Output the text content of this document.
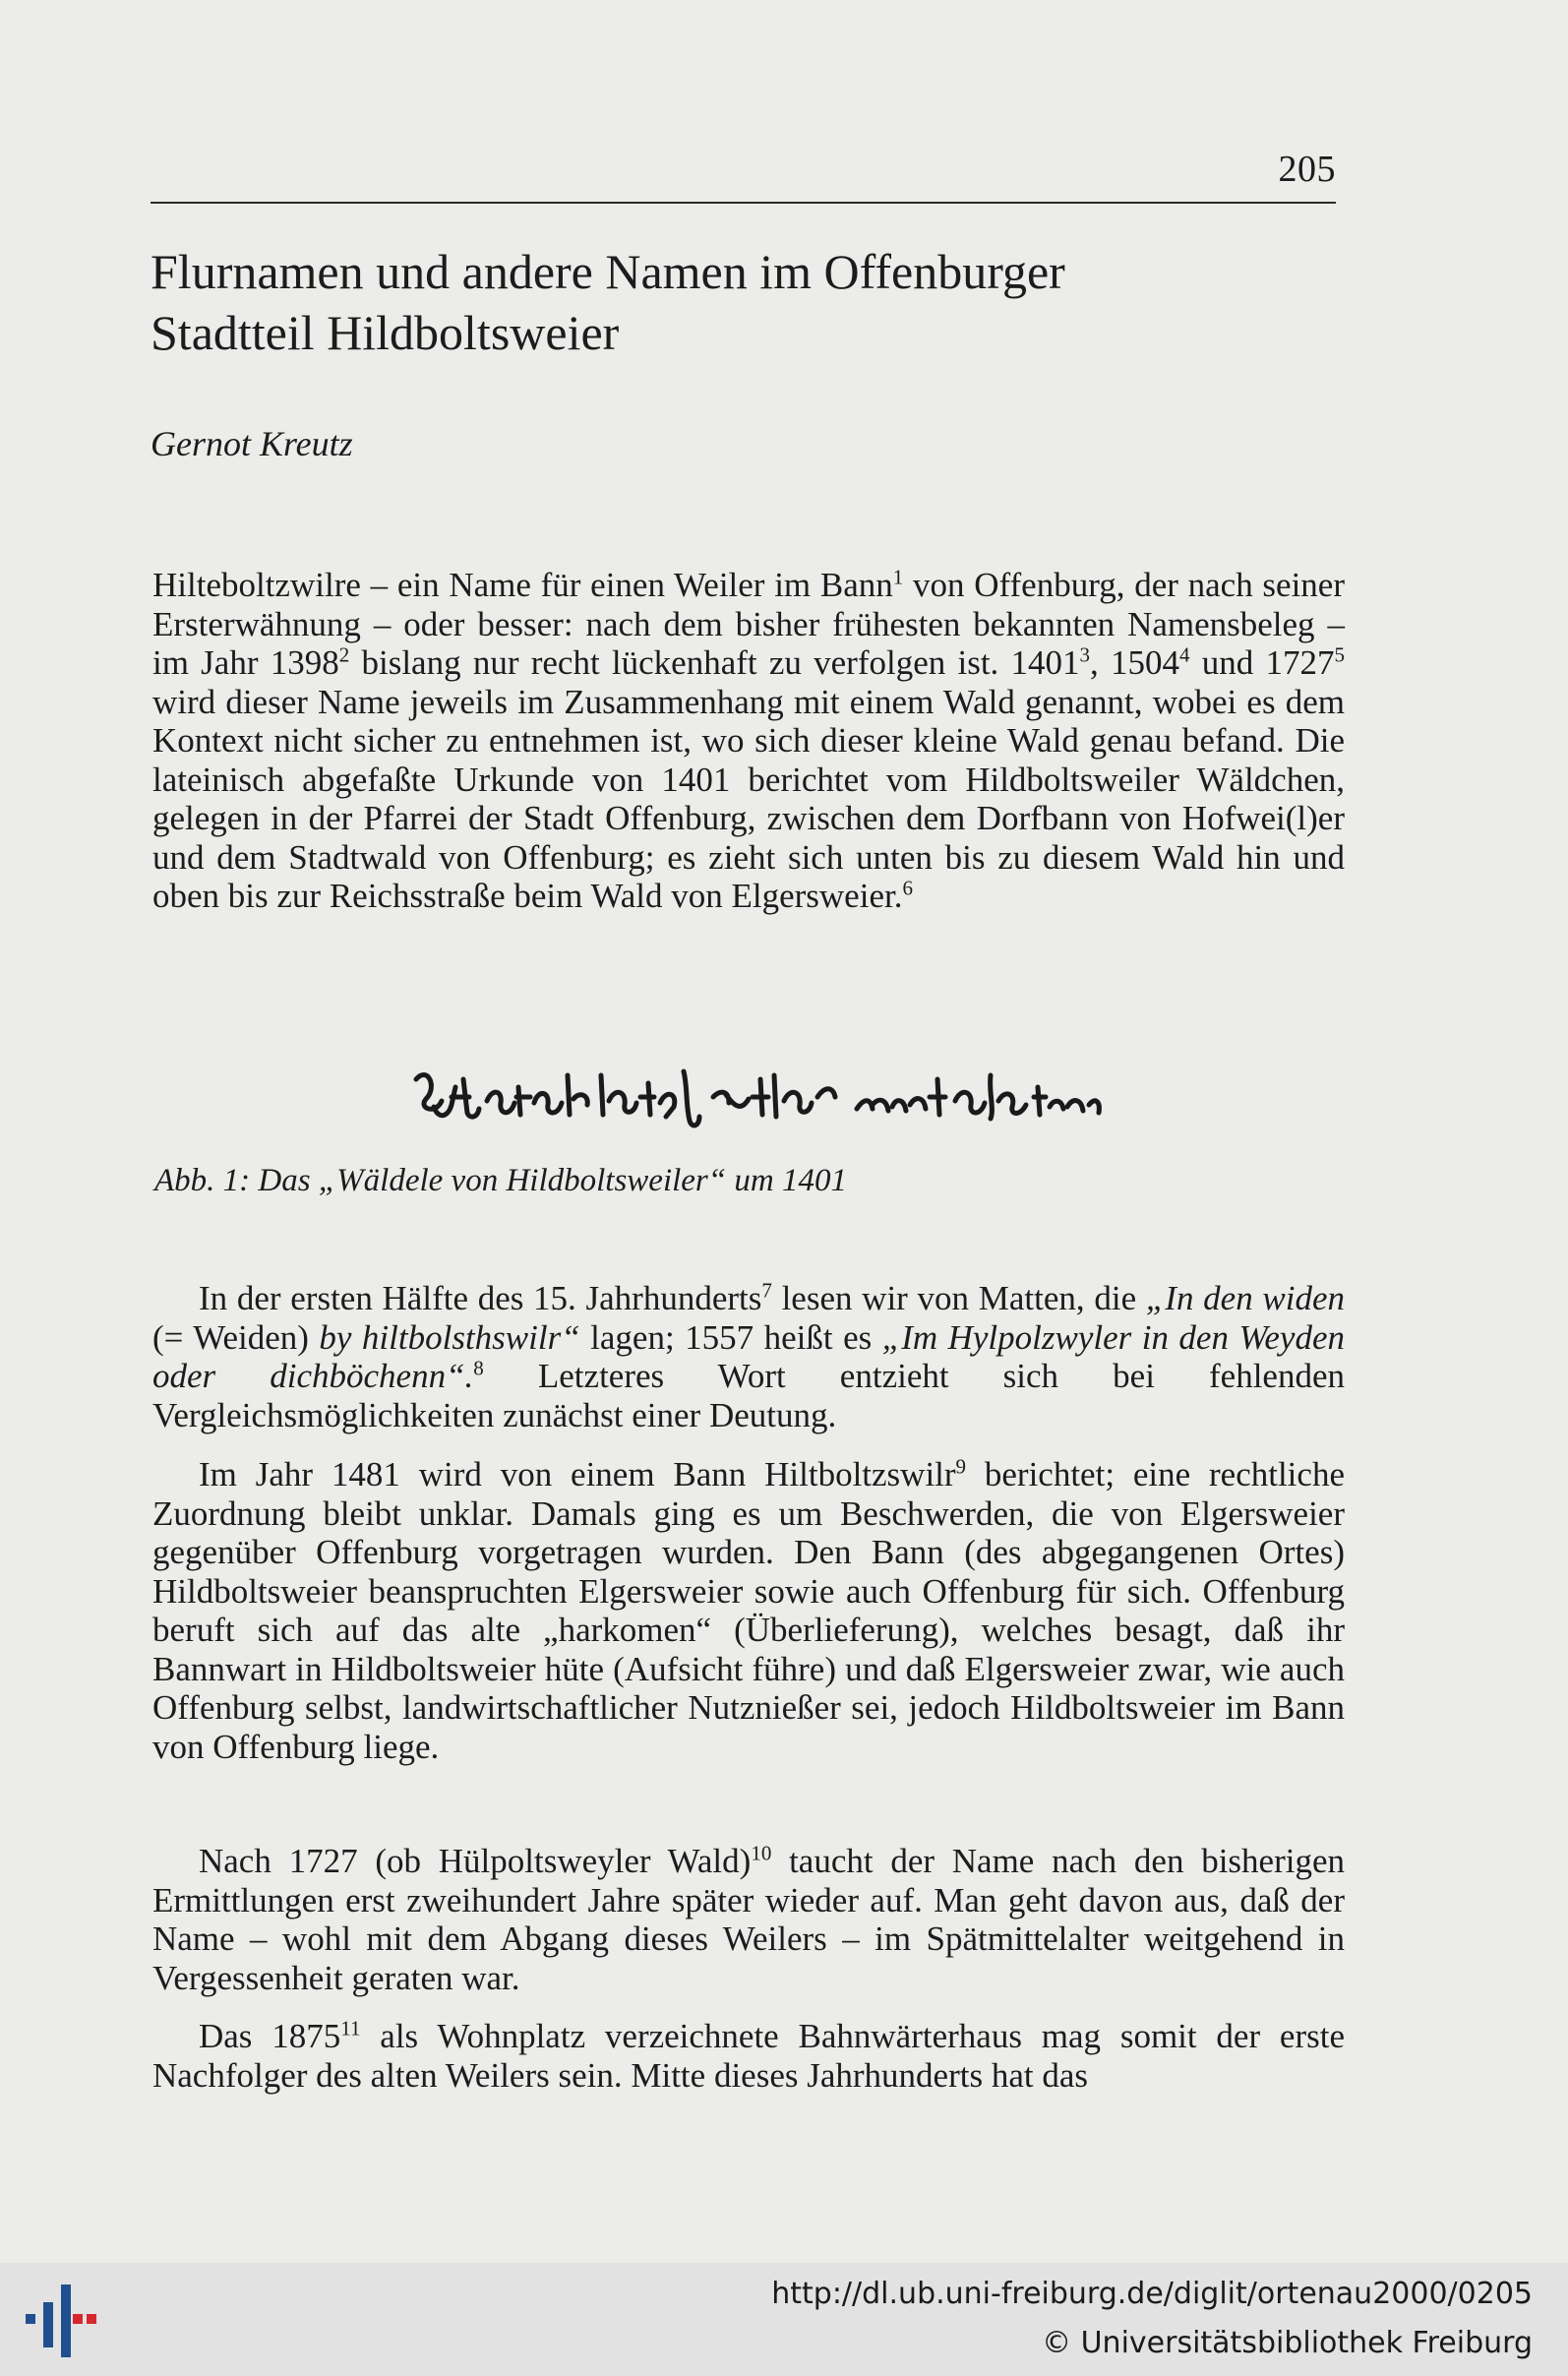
205
Flurnamen und andere Namen im Offenburger
Stadtteil Hildboltsweier
Gernot Kreutz

Hilteboltzwilre – ein Name für einen Weiler im Bann$^1$ von Offenburg, der nach seiner Ersterwähnung – oder besser: nach dem bisher frühesten bekannten Namensbeleg – im Jahr 1398$^2$ bislang nur recht lückenhaft zu verfolgen ist. 1401$^3$, 1504$^4$ und 1727$^5$ wird dieser Name jeweils im Zusammenhang mit einem Wald genannt, wobei es dem Kontext nicht sicher zu entnehmen ist, wo sich dieser kleine Wald genau befand. Die lateinisch abgefaßte Urkunde von 1401 berichtet vom Hildboltsweiler Wäldchen, gelegen in der Pfarrei der Stadt Offenburg, zwischen dem Dorfbann von Hofwei(l)er und dem Stadtwald von Offenburg; es zieht sich unten bis zu diesem Wald hin und oben bis zur Reichsstraße beim Wald von Elgersweier.$^6$

Abb. 1: Das „Wäldele von Hildboltsweiler“ um 1401

In der ersten Hälfte des 15. Jahrhunderts$^7$ lesen wir von Matten, die „In den widen (= Weiden) by hiltbolsthswilr“ lagen; 1557 heißt es „Im Hylpolzwyler in den Weyden oder dichböchenn“.$^8$ Letzteres Wort entzieht sich bei fehlenden Vergleichsmöglichkeiten zunächst einer Deutung.

Im Jahr 1481 wird von einem Bann Hiltboltzswilr$^9$ berichtet; eine rechtliche Zuordnung bleibt unklar. Damals ging es um Beschwerden, die von Elgersweier gegenüber Offenburg vorgetragen wurden. Den Bann (des abgegangenen Ortes) Hildboltsweier beanspruchten Elgersweier sowie auch Offenburg für sich. Offenburg beruft sich auf das alte „harkomen“ (Überlieferung), welches besagt, daß ihr Bannwart in Hildboltsweier hüte (Aufsicht führe) und daß Elgersweier zwar, wie auch Offenburg selbst, landwirtschaftlicher Nutznießer sei, jedoch Hildboltsweier im Bann von Offenburg liege.

Nach 1727 (ob Hülpoltsweyler Wald)$^{10}$ taucht der Name nach den bisherigen Ermittlungen erst zweihundert Jahre später wieder auf. Man geht davon aus, daß der Name – wohl mit dem Abgang dieses Weilers – im Spätmittelalter weitgehend in Vergessenheit geraten war.

Das 1875$^{11}$ als Wohnplatz verzeichnete Bahnwärterhaus mag somit der erste Nachfolger des alten Weilers sein. Mitte dieses Jahrhunderts hat das

http://dl.ub.uni-freiburg.de/diglit/ortenau2000/0205
© Universitätsbibliothek Freiburg
